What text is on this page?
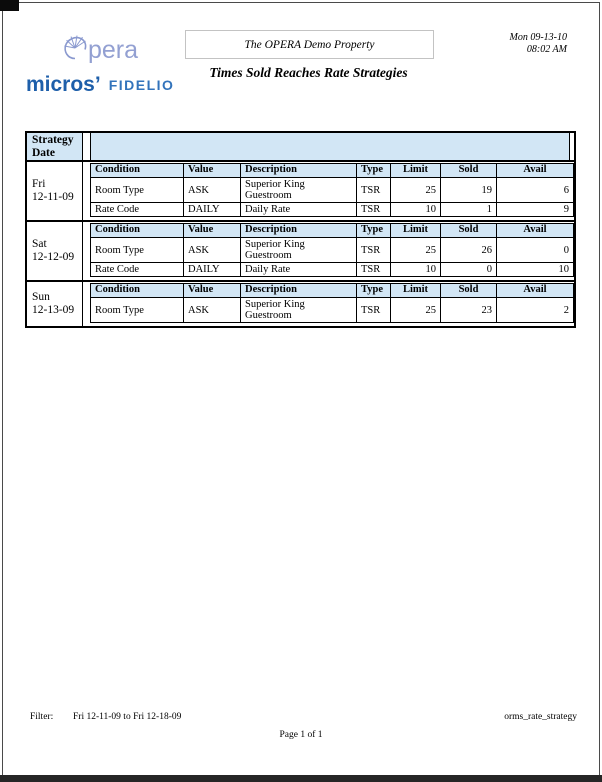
pera
micros’ FIDELIO
The OPERA Demo Property
Times Sold Reaches Rate Strategies
Mon 09-13-10
08:02 AM
Strategy Date
Fri
12-11-09
Condition	Value	Description	Type	Limit	Sold	Avail
Room Type	ASK	Superior King Guestroom	TSR	25	19	6
Rate Code	DAILY	Daily Rate	TSR	10	1	9
Sat
12-12-09
Condition	Value	Description	Type	Limit	Sold	Avail
Room Type	ASK	Superior King Guestroom	TSR	25	26	0
Rate Code	DAILY	Daily Rate	TSR	10	0	10
Sun
12-13-09
Condition	Value	Description	Type	Limit	Sold	Avail
Room Type	ASK	Superior King Guestroom	TSR	25	23	2
Filter: Fri 12-11-09 to Fri 12-18-09	orms_rate_strategy
Page 1 of 1
